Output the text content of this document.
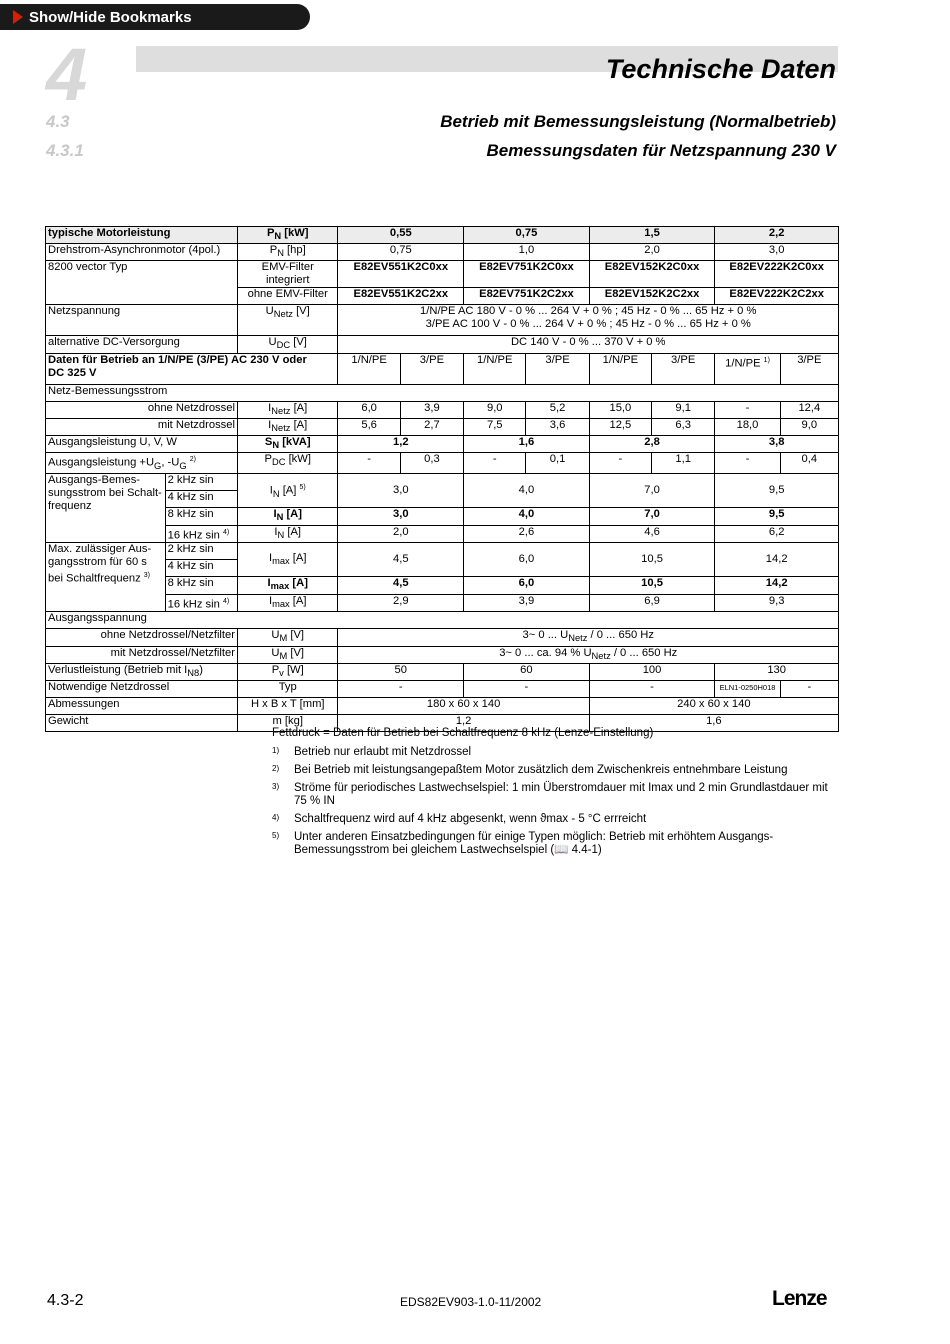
Show/Hide Bookmarks
4	Technische Daten
4.3	Betrieb mit Bemessungsleistung (Normalbetrieb)
4.3.1	Bemessungsdaten für Netzspannung 230 V
typische Motorleistung		$P_N$ [kW]	0,55		0,75		1,5		2,2	
Drehstrom-Asynchronmotor (4pol.)		$P_N$ [hp]	0,75		1,0		2,0		3,0	
8200 vector Typ		EMV-Filter integriert	E82EV551K2C0xx		E82EV751K2C0xx		E82EV152K2C0xx		E82EV222K2C0xx	
		ohne EMV-Filter	E82EV551K2C2xx		E82EV751K2C2xx		E82EV152K2C2xx		E82EV222K2C2xx	
Netzspannung		$U_{Netz}$ [V]	1/N/PE AC 180 V - 0 % ... 264 V + 0 % ; 45 Hz - 0 % ... 65 Hz + 0 %
3/PE AC 100 V - 0 % ... 264 V + 0 % ; 45 Hz - 0 % ... 65 Hz + 0 %							

alternative DC-Versorgung		$U_{DC}$ [V]	DC 140 V - 0 % ... 370 V + 0 %							

Daten für Betrieb an 1/N/PE (3/PE) AC 230 V oder
DC 325 V			1/N/PE	3/PE	1/N/PE	3/PE	1/N/PE	3/PE	1/N/PE $^{1)}$	3/PE
Netz-Bemessungsstrom										
ohne Netzdrossel		$I_{Netz}$ [A]	6,0	3,9	9,0	5,2	15,0	9,1	-	12,4
mit Netzdrossel		$I_{Netz}$ [A]	5,6	2,7	7,5	3,6	12,5	6,3	18,0	9,0
Ausgangsleistung U, V, W		$S_N$ [kVA]	1,2		1,6		2,8		3,8	
Ausgangsleistung $+U_G$, $-U_G$ $^{2)}$		$P_{DC}$ [kW]	-	0,3	-	0,1	-	1,1	-	0,4
Ausgangs-Bemes-sungsstrom bei Schalt-frequenz	2 kHz sin	$I_N$ [A] $^{5)}$	3,0		4,0		7,0		9,5	
	4 kHz sin									
	8 kHz sin	$I_N$ [A]	3,0		4,0		7,0		9,5	
	16 kHz sin $^{4)}$	$I_N$ [A]	2,0		2,6		4,6		6,2	
Max. zulässiger Aus-gangsstrom für 60 s bei Schaltfrequenz $^{3)}$	2 kHz sin	$I_{max}$ [A]	4,5		6,0		10,5		14,2	
	4 kHz sin									
	8 kHz sin	$I_{max}$ [A]	4,5		6,0		10,5		14,2	
	16 kHz sin $^{4)}$	$I_{max}$ [A]	2,9		3,9		6,9		9,3	
Ausgangsspannung										
ohne Netzdrossel/Netzfilter		$U_M$ [V]	3~ 0 ... $U_{Netz} / 0$ ... 650 Hz							
mit Netzdrossel/Netzfilter		$U_M$ [V]	3~ 0 ... ca. 94 % $U_{Netz} / 0$ ... 650 Hz							
Verlustleistung (Betrieb mit $I_{N8}$)		$P_v$ [W]	50		60		100		130	
Notwendige Netzdrossel		Typ	-		-		-		ELN1-0250H018	-
Abmessungen		H x B x T [mm]	180 x 60 x 140				240 x 60 x 140			
Gewicht		m [kg]	1,2				1,6			
Fettdruck = Daten für Betrieb bei Schaltfrequenz 8 kHz (Lenze-Einstellung)
1) Betrieb nur erlaubt mit Netzdrossel
2) Bei Betrieb mit leistungsangepaßtem Motor zusätzlich dem Zwischenkreis entnehmbare Leistung
3) Ströme für periodisches Lastwechselspiel: 1 min Überstromdauer mit Imax und 2 min Grundlastdauer mit 75 % IN
4) Schaltfrequenz wird auf 4 kHz abgesenkt, wenn ϑmax - 5 °C errreicht
5) Unter anderen Einsatzbedingungen für einige Typen möglich: Betrieb mit erhöhtem Ausgangs-Bemessungsstrom bei gleichem Lastwechselspiel (📖 4.4-1)
4.3-2	EDS82EV903-1.0-11/2002	Lenze
